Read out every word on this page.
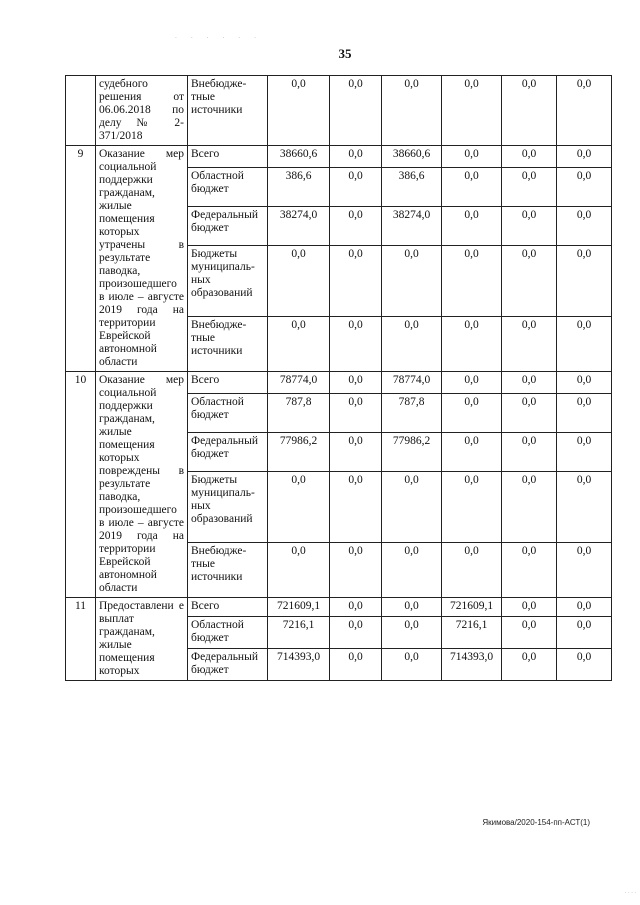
· · · · · ·
35
	судебного решения от 06.06.2018 по делу № 2-371/2018	Внебюдже-тные источники	0,0	0,0	0,0	0,0	0,0	0,0
9	Оказание мер социальной поддержки гражданам, жилые помещения которых утрачены в результате паводка, произошедшего в июле – августе 2019 года на территории Еврейской автономной области	Всего	38660,6	0,0	38660,6	0,0	0,0	0,0
		Областной бюджет	386,6	0,0	386,6	0,0	0,0	0,0
		Федеральный бюджет	38274,0	0,0	38274,0	0,0	0,0	0,0
		Бюджеты муниципаль-ных образований	0,0	0,0	0,0	0,0	0,0	0,0
		Внебюдже-тные источники	0,0	0,0	0,0	0,0	0,0	0,0
10	Оказание мер социальной поддержки гражданам, жилые помещения которых повреждены в результате паводка, произошедшего в июле – августе 2019 года на территории Еврейской автономной области	Всего	78774,0	0,0	78774,0	0,0	0,0	0,0
		Областной бюджет	787,8	0,0	787,8	0,0	0,0	0,0
		Федеральный бюджет	77986,2	0,0	77986,2	0,0	0,0	0,0
		Бюджеты муниципаль-ных образований	0,0	0,0	0,0	0,0	0,0	0,0
		Внебюдже-тные источники	0,0	0,0	0,0	0,0	0,0	0,0
11	Предоставлени е выплат гражданам, жилые помещения которых	Всего	721609,1	0,0	0,0	721609,1	0,0	0,0
		Областной бюджет	7216,1	0,0	0,0	7216,1	0,0	0,0
		Федеральный бюджет	714393,0	0,0	0,0	714393,0	0,0	0,0
Якимова/2020-154-пп-АСТ(1)
· · · ·
